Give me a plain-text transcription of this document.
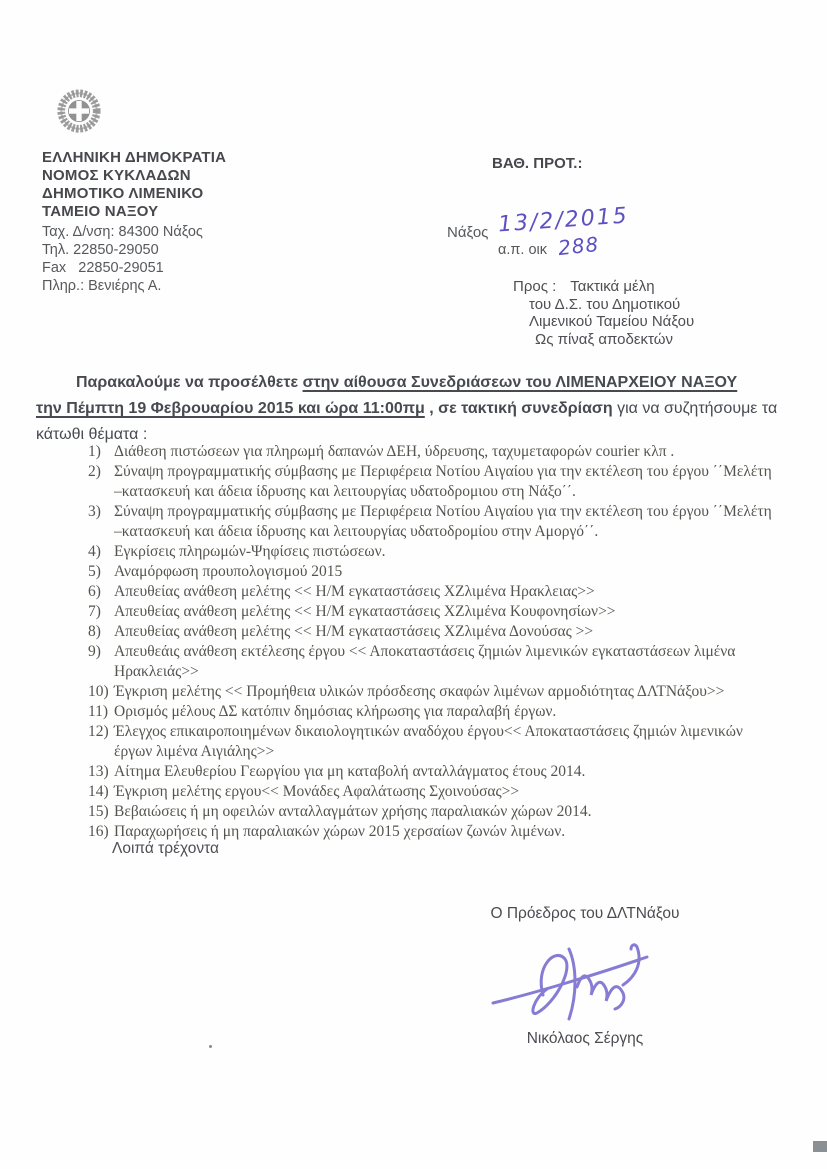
ΕΛΛΗΝΙΚΗ ΔΗΜΟΚΡΑΤΙΑ
ΝΟΜΟΣ ΚΥΚΛΑΔΩΝ
ΔΗΜΟΤΙΚΟ ΛΙΜΕΝΙΚΟ
ΤΑΜΕΙΟ ΝΑΞΟΥ
Ταχ. Δ/νση: 84300 Νάξος
Τηλ. 22850-29050
Fax   22850-29051
Πληρ.: Βενιέρης Α.
ΒΑΘ. ΠΡΟΤ.:
Νάξος 13/2/2015
α.π. οικ 288
Προς : Τακτικά μέλη
του Δ.Σ. του Δημοτικού
Λιμενικού Ταμείου Νάξου
Ως πίναξ αποδεκτών

Παρακαλούμε να προσέλθετε στην αίθουσα Συνεδριάσεων του ΛΙΜΕΝΑΡΧΕΙΟΥ ΝΑΞΟΥ
την Πέμπτη 19 Φεβρουαρίου 2015 και ώρα 11:00πμ , σε τακτική συνεδρίαση για να συζητήσουμε τα
κάτωθι θέματα :

1) Διάθεση πιστώσεων για πληρωμή δαπανών ΔΕΗ, ύδρευσης, ταχυμεταφορών courier κλπ .
2) Σύναψη προγραμματικής σύμβασης με Περιφέρεια Νοτίου Αιγαίου για την εκτέλεση του έργου ΄΄Μελέτη –κατασκευή και άδεια ίδρυσης και λειτουργίας υδατοδρομιου στη Νάξο΄΄.
3) Σύναψη προγραμματικής σύμβασης με Περιφέρεια Νοτίου Αιγαίου για την εκτέλεση του έργου ΄΄Μελέτη –κατασκευή και άδεια ίδρυσης και λειτουργίας υδατοδρομίου στην Αμοργό΄΄.
4) Εγκρίσεις πληρωμών-Ψηφίσεις πιστώσεων.
5) Αναμόρφωση προυπολογισμού 2015
6) Απευθείας ανάθεση μελέτης << Η/Μ εγκαταστάσεις ΧΖλιμένα Ηρακλειας>>
7) Απευθείας ανάθεση μελέτης << Η/Μ εγκαταστάσεις ΧΖλιμένα Κουφονησίων>>
8) Απευθείας ανάθεση μελέτης << Η/Μ εγκαταστάσεις ΧΖλιμένα Δονούσας >>
9) Απευθεάις ανάθεση εκτέλεσης έργου << Αποκαταστάσεις ζημιών λιμενικών εγκαταστάσεων λιμένα Ηρακλειάς>>
10) Έγκριση μελέτης << Προμήθεια υλικών πρόσδεσης σκαφών λιμένων αρμοδιότητας ΔΛΤΝάξου>>
11) Ορισμός μέλους ΔΣ κατόπιν δημόσιας κλήρωσης για παραλαβή έργων.
12) Έλεγχος επικαιροποιημένων δικαιολογητικών αναδόχου έργου<< Αποκαταστάσεις ζημιών λιμενικών έργων λιμένα Αιγιάλης>>
13) Αίτημα Ελευθερίου Γεωργίου για μη καταβολή ανταλλάγματος έτους 2014.
14) Έγκριση μελέτης εργου<< Μονάδες Αφαλάτωσης Σχοινούσας>>
15) Βεβαιώσεις ή μη οφειλών ανταλλαγμάτων χρήσης παραλιακών χώρων 2014.
16) Παραχωρήσεις ή μη παραλιακών χώρων 2015 χερσαίων ζωνών λιμένων.
Λοιπά τρέχοντα
Ο Πρόεδρος του ΔΛΤΝάξου
Νικόλαος Σέργης
